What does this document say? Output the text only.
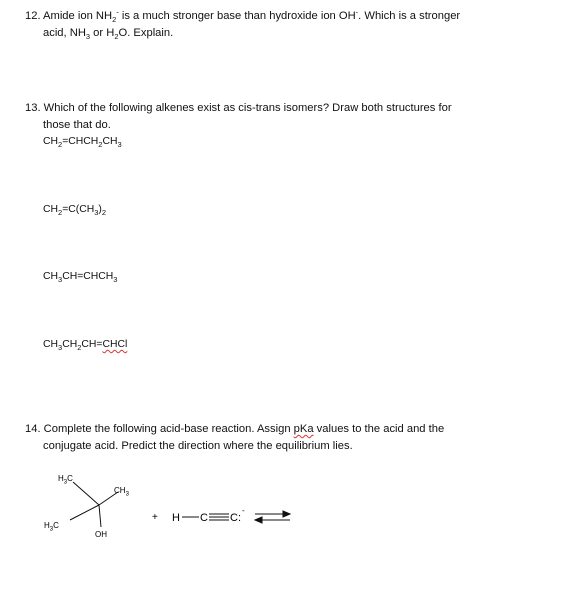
12. Amide ion $NH_2^-$ is a much stronger base than hydroxide ion OH-. Which is a stronger
acid, $NH_3$ or $H_2O$. Explain.
13. Which of the following alkenes exist as cis-trans isomers? Draw both structures for
those that do.
$CH_2=CHCH_2CH_3$
$CH_2=C(CH_3)_2$
$CH_3CH=CHCH_3$
$CH_3CH_2CH=CHCl$
14. Complete the following acid-base reaction. Assign pKa values to the acid and the
conjugate acid. Predict the direction where the equilibrium lies.
$H_3C$
$CH_3$
$H_3C$
OH
+ H C C:
-
